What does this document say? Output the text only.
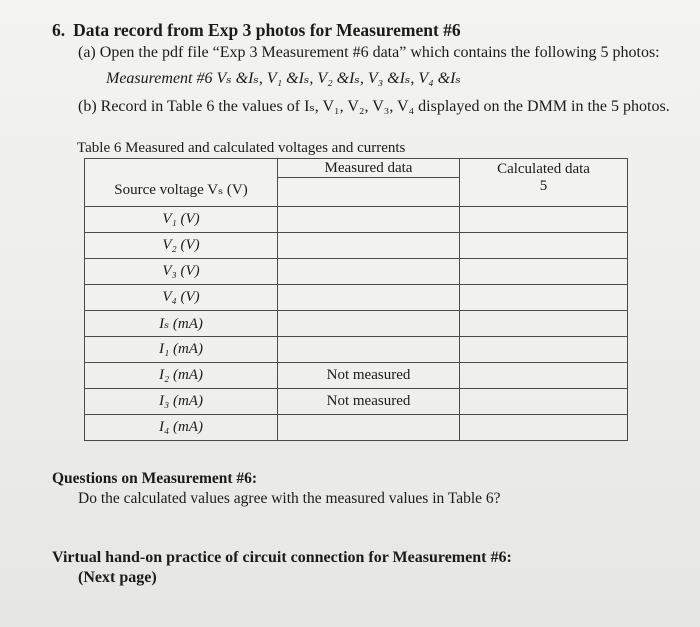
6. Data record from Exp 3 photos for Measurement #6
(a) Open the pdf file “Exp 3 Measurement #6 data” which contains the following 5 photos:
Measurement #6 Vₛ &Iₛ, V₁ &Iₛ, V₂ &Iₛ, V₃ &Iₛ, V₄ &Iₛ
(b) Record in Table 6 the values of Iₛ, V₁, V₂, V₃, V₄ displayed on the DMM in the 5 photos.
Table 6 Measured and calculated voltages and currents
	Measured data	Calculated data
Source voltage Vₛ (V)		5
V₁ (V)		
V₂ (V)		
V₃ (V)		
V₄ (V)		
Iₛ (mA)		
I₁ (mA)		
I₂ (mA)	Not measured	
I₃ (mA)	Not measured	
I₄ (mA)		
Questions on Measurement #6:
Do the calculated values agree with the measured values in Table 6?
Virtual hand-on practice of circuit connection for Measurement #6:
(Next page)
